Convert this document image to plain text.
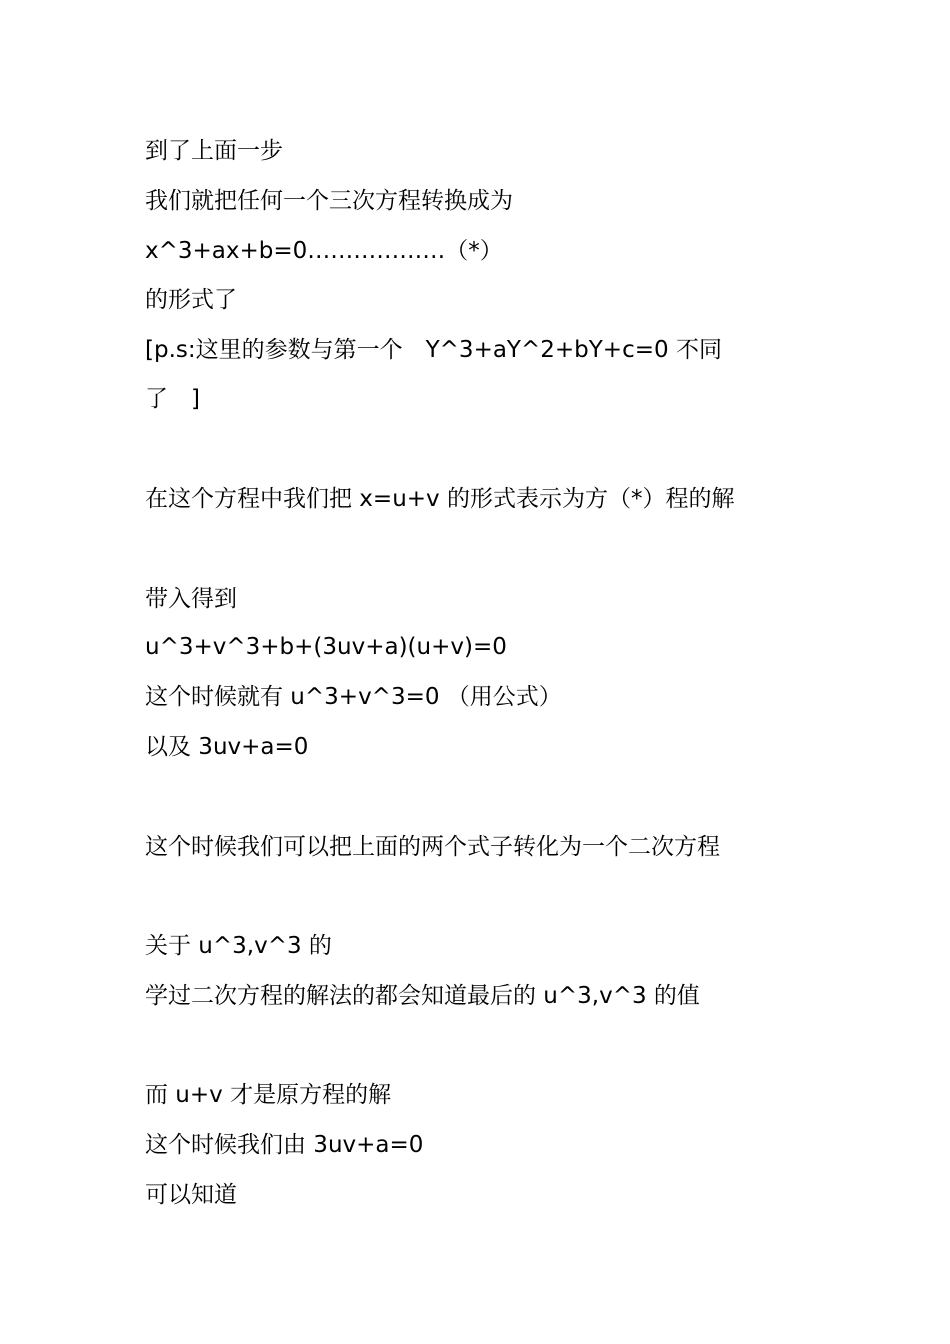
到了上面一步
我们就把任何一个三次方程转换成为
x^3+ax+b=0………………（*）
的形式了
[p.s:这里的参数与第一个　Y^3+aY^2+bY+c=0 不同
了　]
在这个方程中我们把 x=u+v 的形式表示为方（*）程的解
带入得到
u^3+v^3+b+(3uv+a)(u+v)=0
这个时候就有 u^3+v^3=0 （用公式）
以及 3uv+a=0
这个时候我们可以把上面的两个式子转化为一个二次方程
关于 u^3,v^3 的
学过二次方程的解法的都会知道最后的 u^3,v^3 的值
而 u+v 才是原方程的解
这个时候我们由 3uv+a=0
可以知道
